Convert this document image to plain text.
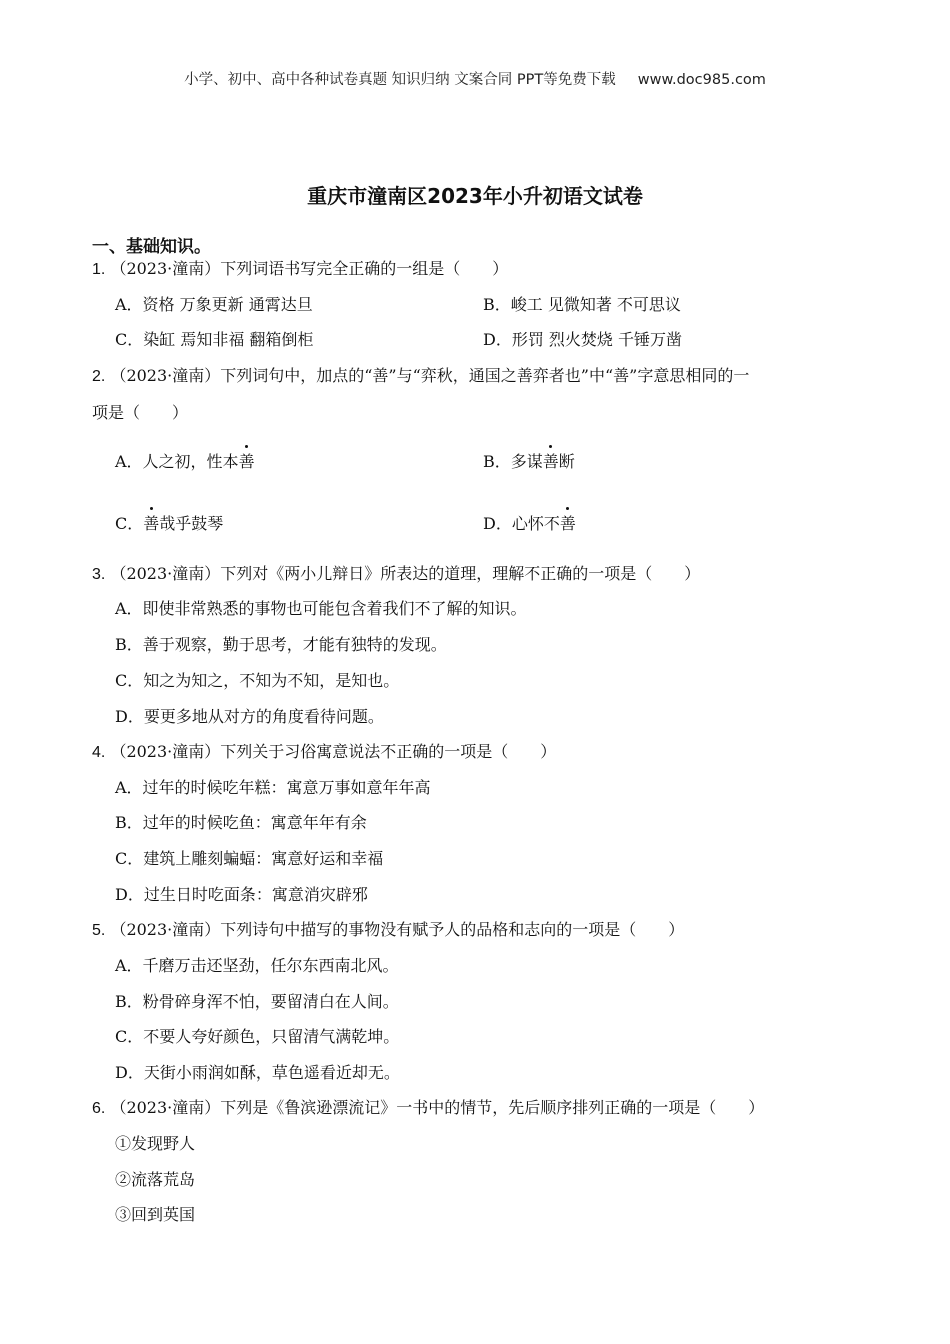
小学、初中、高中各种试卷真题 知识归纳 文案合同 PPT等免费下载 www.doc985.com
重庆市潼南区2023年小升初语文试卷
一、基础知识。
1. （2023·潼南）下列词语书写完全正确的一组是（　　）
A．资格 万象更新 通霄达旦	B．峻工 见微知著 不可思议
C．染缸 焉知非福 翻箱倒柜	D．形罚 烈火焚烧 千锤万凿
2. （2023·潼南）下列词句中，加点的“善”与“弈秋，通国之善弈者也”中“善”字意思相同的一
项是（　　）
A．人之初，性本善	B．多谋善断
C．善哉乎鼓琴	D．心怀不善
3. （2023·潼南）下列对《两小儿辩日》所表达的道理，理解不正确的一项是（　　）
A．即使非常熟悉的事物也可能包含着我们不了解的知识。
B．善于观察，勤于思考，才能有独特的发现。
C．知之为知之，不知为不知，是知也。
D．要更多地从对方的角度看待问题。
4. （2023·潼南）下列关于习俗寓意说法不正确的一项是（　　）
A．过年的时候吃年糕：寓意万事如意年年高
B．过年的时候吃鱼：寓意年年有余
C．建筑上雕刻蝙蝠：寓意好运和幸福
D．过生日时吃面条：寓意消灾辟邪
5. （2023·潼南）下列诗句中描写的事物没有赋予人的品格和志向的一项是（　　）
A．千磨万击还坚劲，任尔东西南北风。
B．粉骨碎身浑不怕，要留清白在人间。
C．不要人夸好颜色，只留清气满乾坤。
D．天街小雨润如酥，草色遥看近却无。
6. （2023·潼南）下列是《鲁滨逊漂流记》一书中的情节，先后顺序排列正确的一项是（　　）
①发现野人
②流落荒岛
③回到英国
